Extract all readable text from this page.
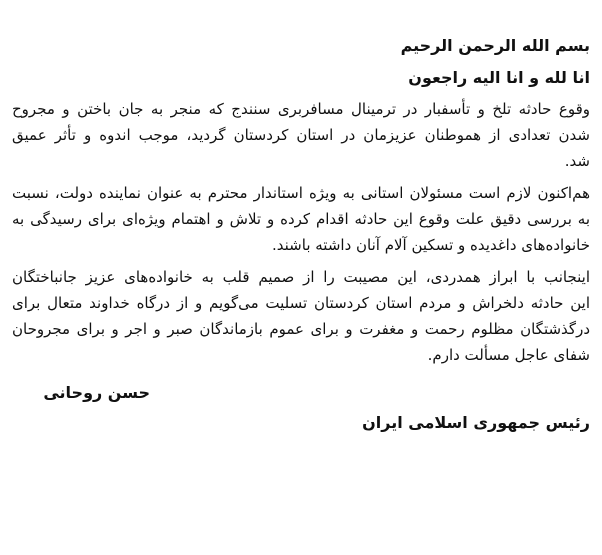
بسم الله الرحمن الرحیم
انا لله و انا الیه راجعون
وقوع حادثه تلخ و تأسفبار در ترمینال مسافربری سنندج که منجر به جان باختن و مجروح
شدن تعدادی از هموطنان عزیزمان در استان کردستان گردید، موجب اندوه و تأثر عمیق
شد.
هم‌اکنون لازم است مسئولان استانی به ویژه استاندار محترم به عنوان نماینده دولت، نسبت
به بررسی دقیق علت وقوع این حادثه اقدام کرده و تلاش و اهتمام ویژه‌ای برای رسیدگی به
خانواده‌های داغدیده و تسکین آلام آنان داشته باشند.
اینجانب با ابراز همدردی، این مصیبت را از صمیم قلب به خانواده‌های عزیز جانباختگان
این حادثه دلخراش و مردم استان کردستان تسلیت می‌گویم و از درگاه خداوند متعال برای
درگذشتگان مظلوم رحمت و مغفرت و برای عموم بازماندگان صبر و اجر و برای مجروحان
شفای عاجل مسألت دارم.
حسن روحانی
رئیس جمهوری اسلامی ایران
